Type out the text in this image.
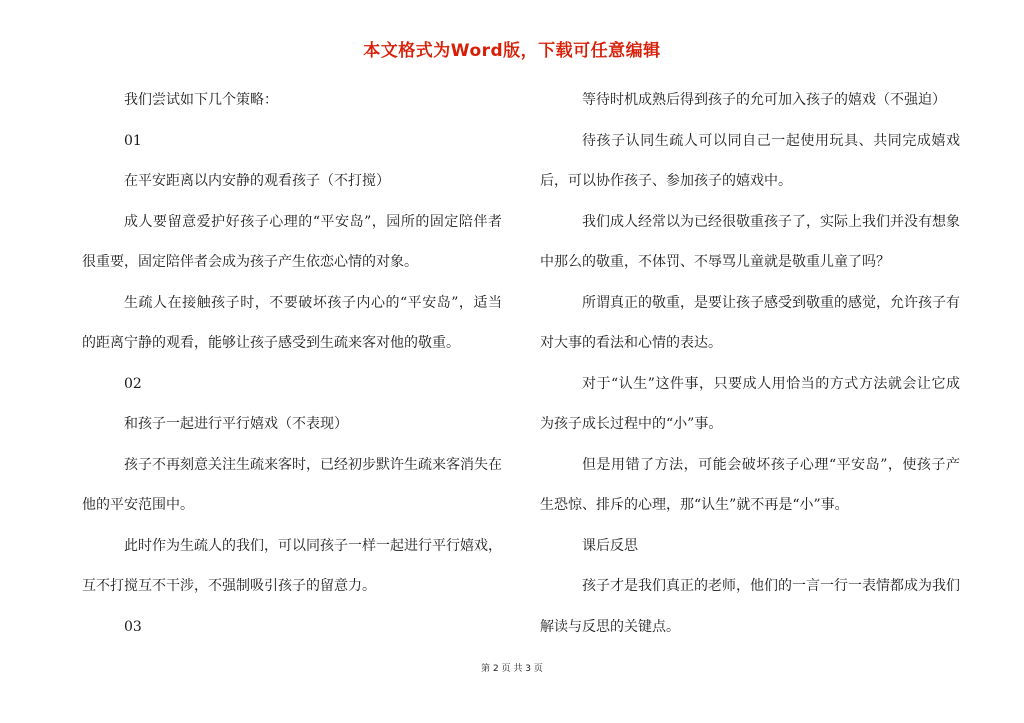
本文格式为Word版，下载可任意编辑

我们尝试如下几个策略：

01

在平安距离以内安静的观看孩子（不打搅）

成人要留意爱护好孩子心理的“平安岛”，园所的固定陪伴者很重要，固定陪伴者会成为孩子产生依恋心情的对象。

生疏人在接触孩子时，不要破坏孩子内心的“平安岛”，适当的距离宁静的观看，能够让孩子感受到生疏来客对他的敬重。

02

和孩子一起进行平行嬉戏（不表现）

孩子不再刻意关注生疏来客时，已经初步默许生疏来客消失在他的平安范围中。

此时作为生疏人的我们，可以同孩子一样一起进行平行嬉戏，互不打搅互不干涉，不强制吸引孩子的留意力。

03

等待时机成熟后得到孩子的允可加入孩子的嬉戏（不强迫）

待孩子认同生疏人可以同自己一起使用玩具、共同完成嬉戏后，可以协作孩子、参加孩子的嬉戏中。

我们成人经常以为已经很敬重孩子了，实际上我们并没有想象中那么的敬重，不体罚、不辱骂儿童就是敬重儿童了吗？

所谓真正的敬重，是要让孩子感受到敬重的感觉，允许孩子有对大事的看法和心情的表达。

对于“认生”这件事，只要成人用恰当的方式方法就会让它成为孩子成长过程中的“小”事。

但是用错了方法，可能会破坏孩子心理“平安岛”，使孩子产生恐惊、排斥的心理，那“认生”就不再是“小”事。

课后反思

孩子才是我们真正的老师，他们的一言一行一表情都成为我们解读与反思的关键点。

第 2 页 共 3 页
